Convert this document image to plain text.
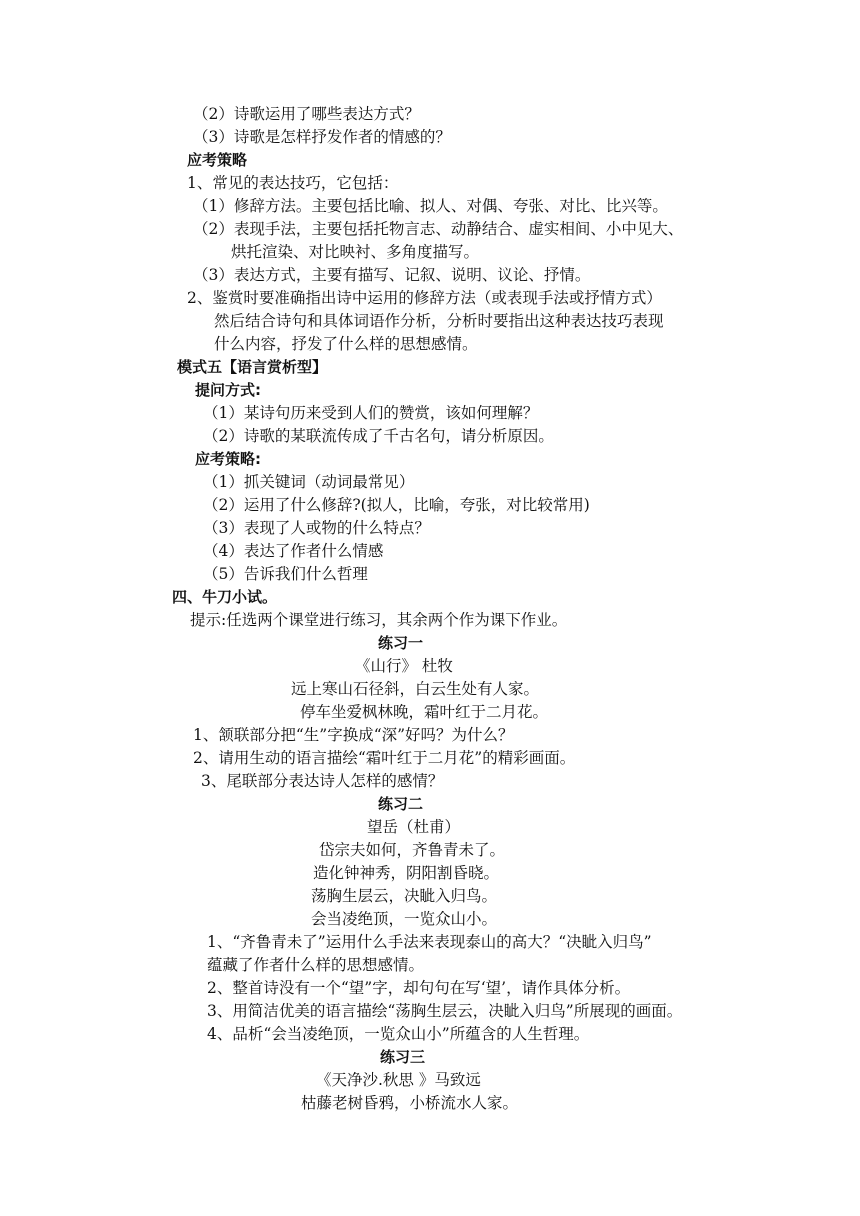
（2）诗歌运用了哪些表达方式？
（3）诗歌是怎样抒发作者的情感的？
应考策略
1、常见的表达技巧，它包括：
（1）修辞方法。主要包括比喻、拟人、对偶、夸张、对比、比兴等。
（2）表现手法，主要包括托物言志、动静结合、虚实相间、小中见大、
烘托渲染、对比映衬、多角度描写。
（3）表达方式，主要有描写、记叙、说明、议论、抒情。
2、鉴赏时要准确指出诗中运用的修辞方法（或表现手法或抒情方式）
然后结合诗句和具体词语作分析，分析时要指出这种表达技巧表现
什么内容，抒发了什么样的思想感情。
模式五【语言赏析型】
提问方式:
（1）某诗句历来受到人们的赞赏，该如何理解？
（2）诗歌的某联流传成了千古名句，请分析原因。
应考策略:
（1）抓关键词（动词最常见）
（2）运用了什么修辞?(拟人，比喻，夸张，对比较常用)
（3）表现了人或物的什么特点？
（4）表达了作者什么情感
（5）告诉我们什么哲理
四、牛刀小试。
提示:任选两个课堂进行练习，其余两个作为课下作业。
练习一
《山行》 杜牧
远上寒山石径斜，白云生处有人家。
停车坐爱枫林晚，霜叶红于二月花。
1、颔联部分把“生”字换成“深”好吗？为什么？
2、请用生动的语言描绘“霜叶红于二月花”的精彩画面。
3、尾联部分表达诗人怎样的感情？
练习二
望岳（杜甫）
岱宗夫如何，齐鲁青未了。
造化钟神秀，阴阳割昏晓。
荡胸生层云，决眦入归鸟。
会当凌绝顶，一览众山小。
1、“齐鲁青未了”运用什么手法来表现泰山的高大？“决眦入归鸟”
蕴藏了作者什么样的思想感情。
2、整首诗没有一个“望”字，却句句在写‘望’，请作具体分析。
3、用简洁优美的语言描绘“荡胸生层云，决眦入归鸟”所展现的画面。
4、品析“会当凌绝顶，一览众山小”所蕴含的人生哲理。
练习三
《天净沙.秋思 》马致远
枯藤老树昏鸦，小桥流水人家。
